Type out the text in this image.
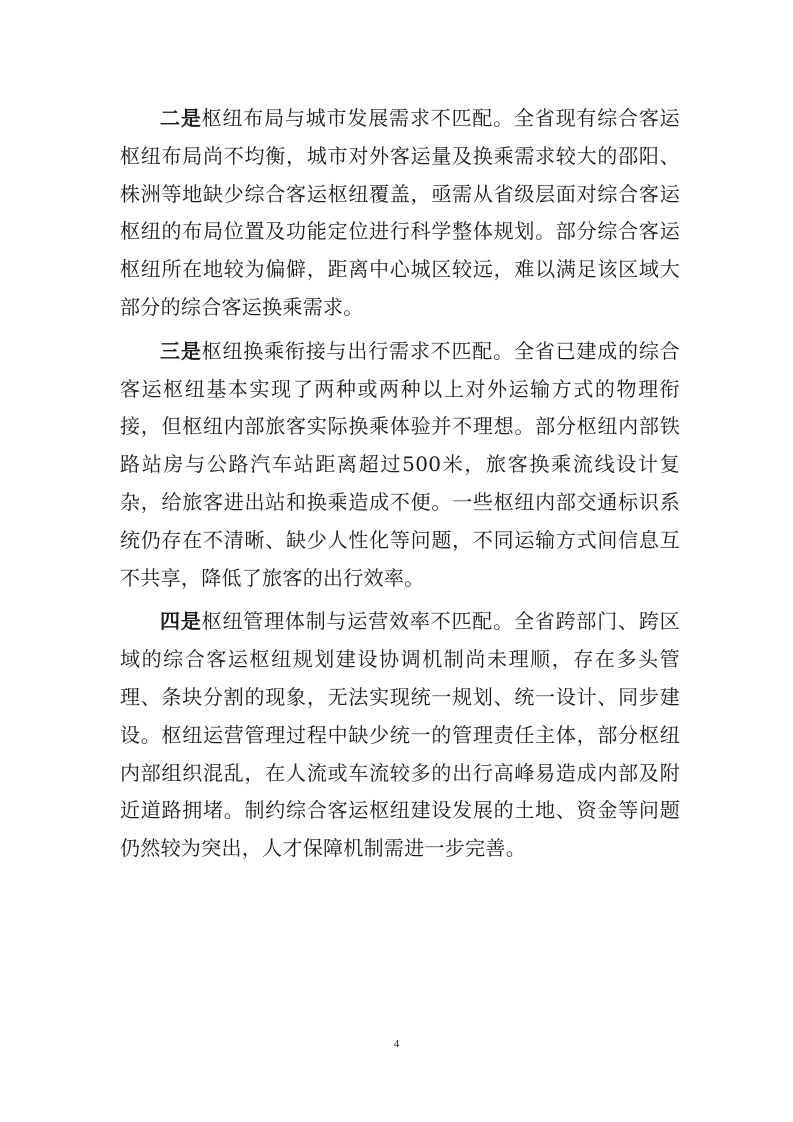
二是枢纽布局与城市发展需求不匹配。全省现有综合客运枢纽布局尚不均衡，城市对外客运量及换乘需求较大的邵阳、株洲等地缺少综合客运枢纽覆盖，亟需从省级层面对综合客运枢纽的布局位置及功能定位进行科学整体规划。部分综合客运枢纽所在地较为偏僻，距离中心城区较远，难以满足该区域大部分的综合客运换乘需求。

三是枢纽换乘衔接与出行需求不匹配。全省已建成的综合客运枢纽基本实现了两种或两种以上对外运输方式的物理衔接，但枢纽内部旅客实际换乘体验并不理想。部分枢纽内部铁路站房与公路汽车站距离超过500米，旅客换乘流线设计复杂，给旅客进出站和换乘造成不便。一些枢纽内部交通标识系统仍存在不清晰、缺少人性化等问题，不同运输方式间信息互不共享，降低了旅客的出行效率。

四是枢纽管理体制与运营效率不匹配。全省跨部门、跨区域的综合客运枢纽规划建设协调机制尚未理顺，存在多头管理、条块分割的现象，无法实现统一规划、统一设计、同步建设。枢纽运营管理过程中缺少统一的管理责任主体，部分枢纽内部组织混乱，在人流或车流较多的出行高峰易造成内部及附近道路拥堵。制约综合客运枢纽建设发展的土地、资金等问题仍然较为突出，人才保障机制需进一步完善。

4
